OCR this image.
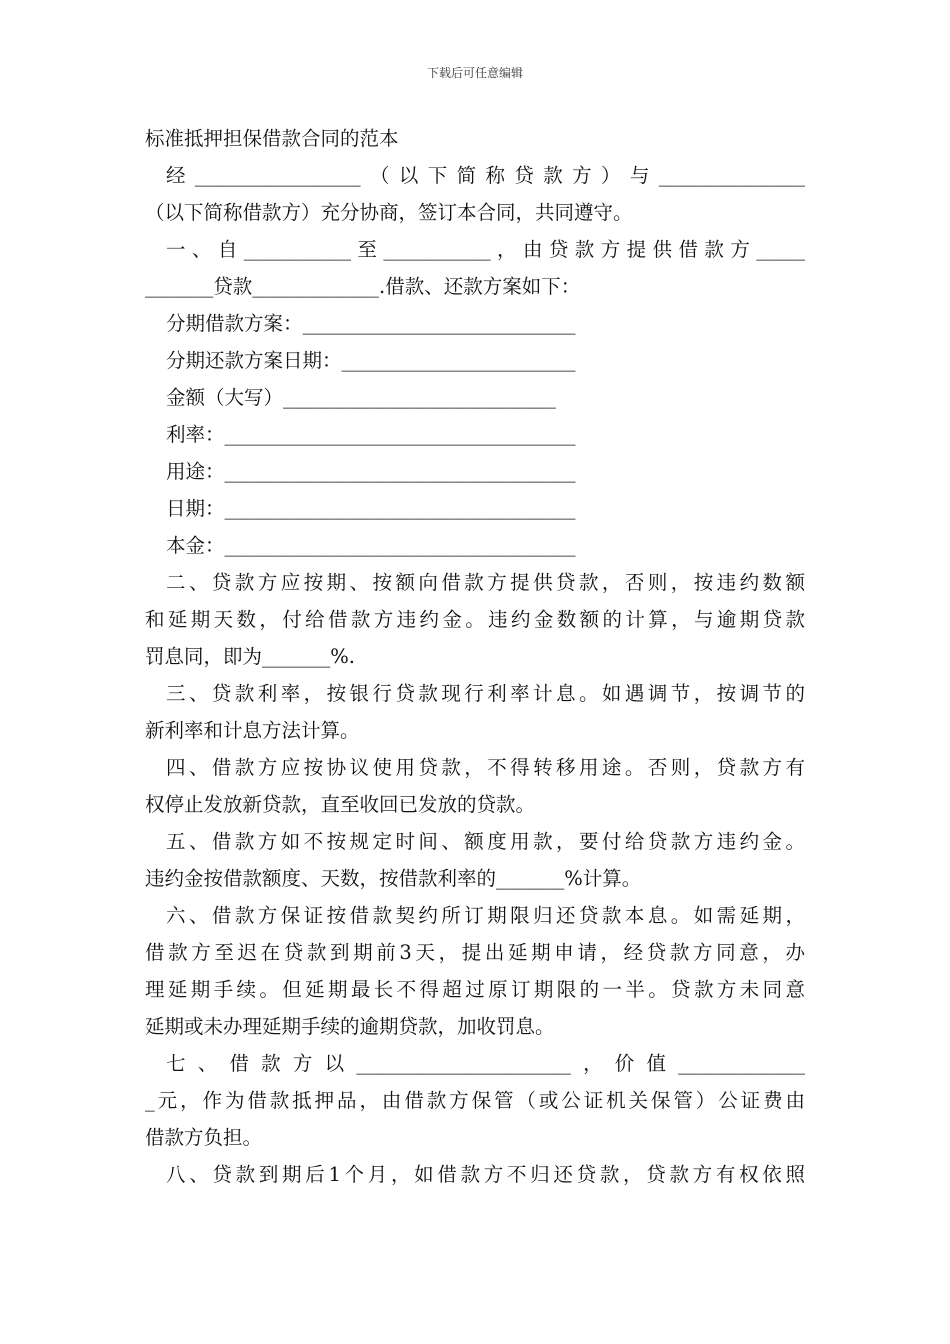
下载后可任意编辑
标准抵押担保借款合同的范本
经_________________（以下简称贷款方）与_______________
（以下简称借款方）充分协商，签订本合同，共同遵守。
一、自___________至___________，由贷款方提供借款方_____
_______贷款_____________.借款、还款方案如下：
分期借款方案：____________________________
分期还款方案日期：________________________
金额（大写）____________________________
利率：____________________________________
用途：____________________________________
日期：____________________________________
本金：____________________________________
二、贷款方应按期、按额向借款方提供贷款，否则，按违约数额
和延期天数，付给借款方违约金。违约金数额的计算，与逾期贷款
罚息同，即为_______%.
三、贷款利率，按银行贷款现行利率计息。如遇调节，按调节的
新利率和计息方法计算。
四、借款方应按协议使用贷款，不得转移用途。否则，贷款方有
权停止发放新贷款，直至收回已发放的贷款。
五、借款方如不按规定时间、额度用款，要付给贷款方违约金。
违约金按借款额度、天数，按借款利率的_______%计算。
六、借款方保证按借款契约所订期限归还贷款本息。如需延期，
借款方至迟在贷款到期前3天，提出延期申请，经贷款方同意，办
理延期手续。但延期最长不得超过原订期限的一半。贷款方未同意
延期或未办理延期手续的逾期贷款，加收罚息。
七、借款方以______________________，价值_____________
_元，作为借款抵押品，由借款方保管（或公证机关保管）公证费由
借款方负担。
八、贷款到期后1个月，如借款方不归还贷款，贷款方有权依照
